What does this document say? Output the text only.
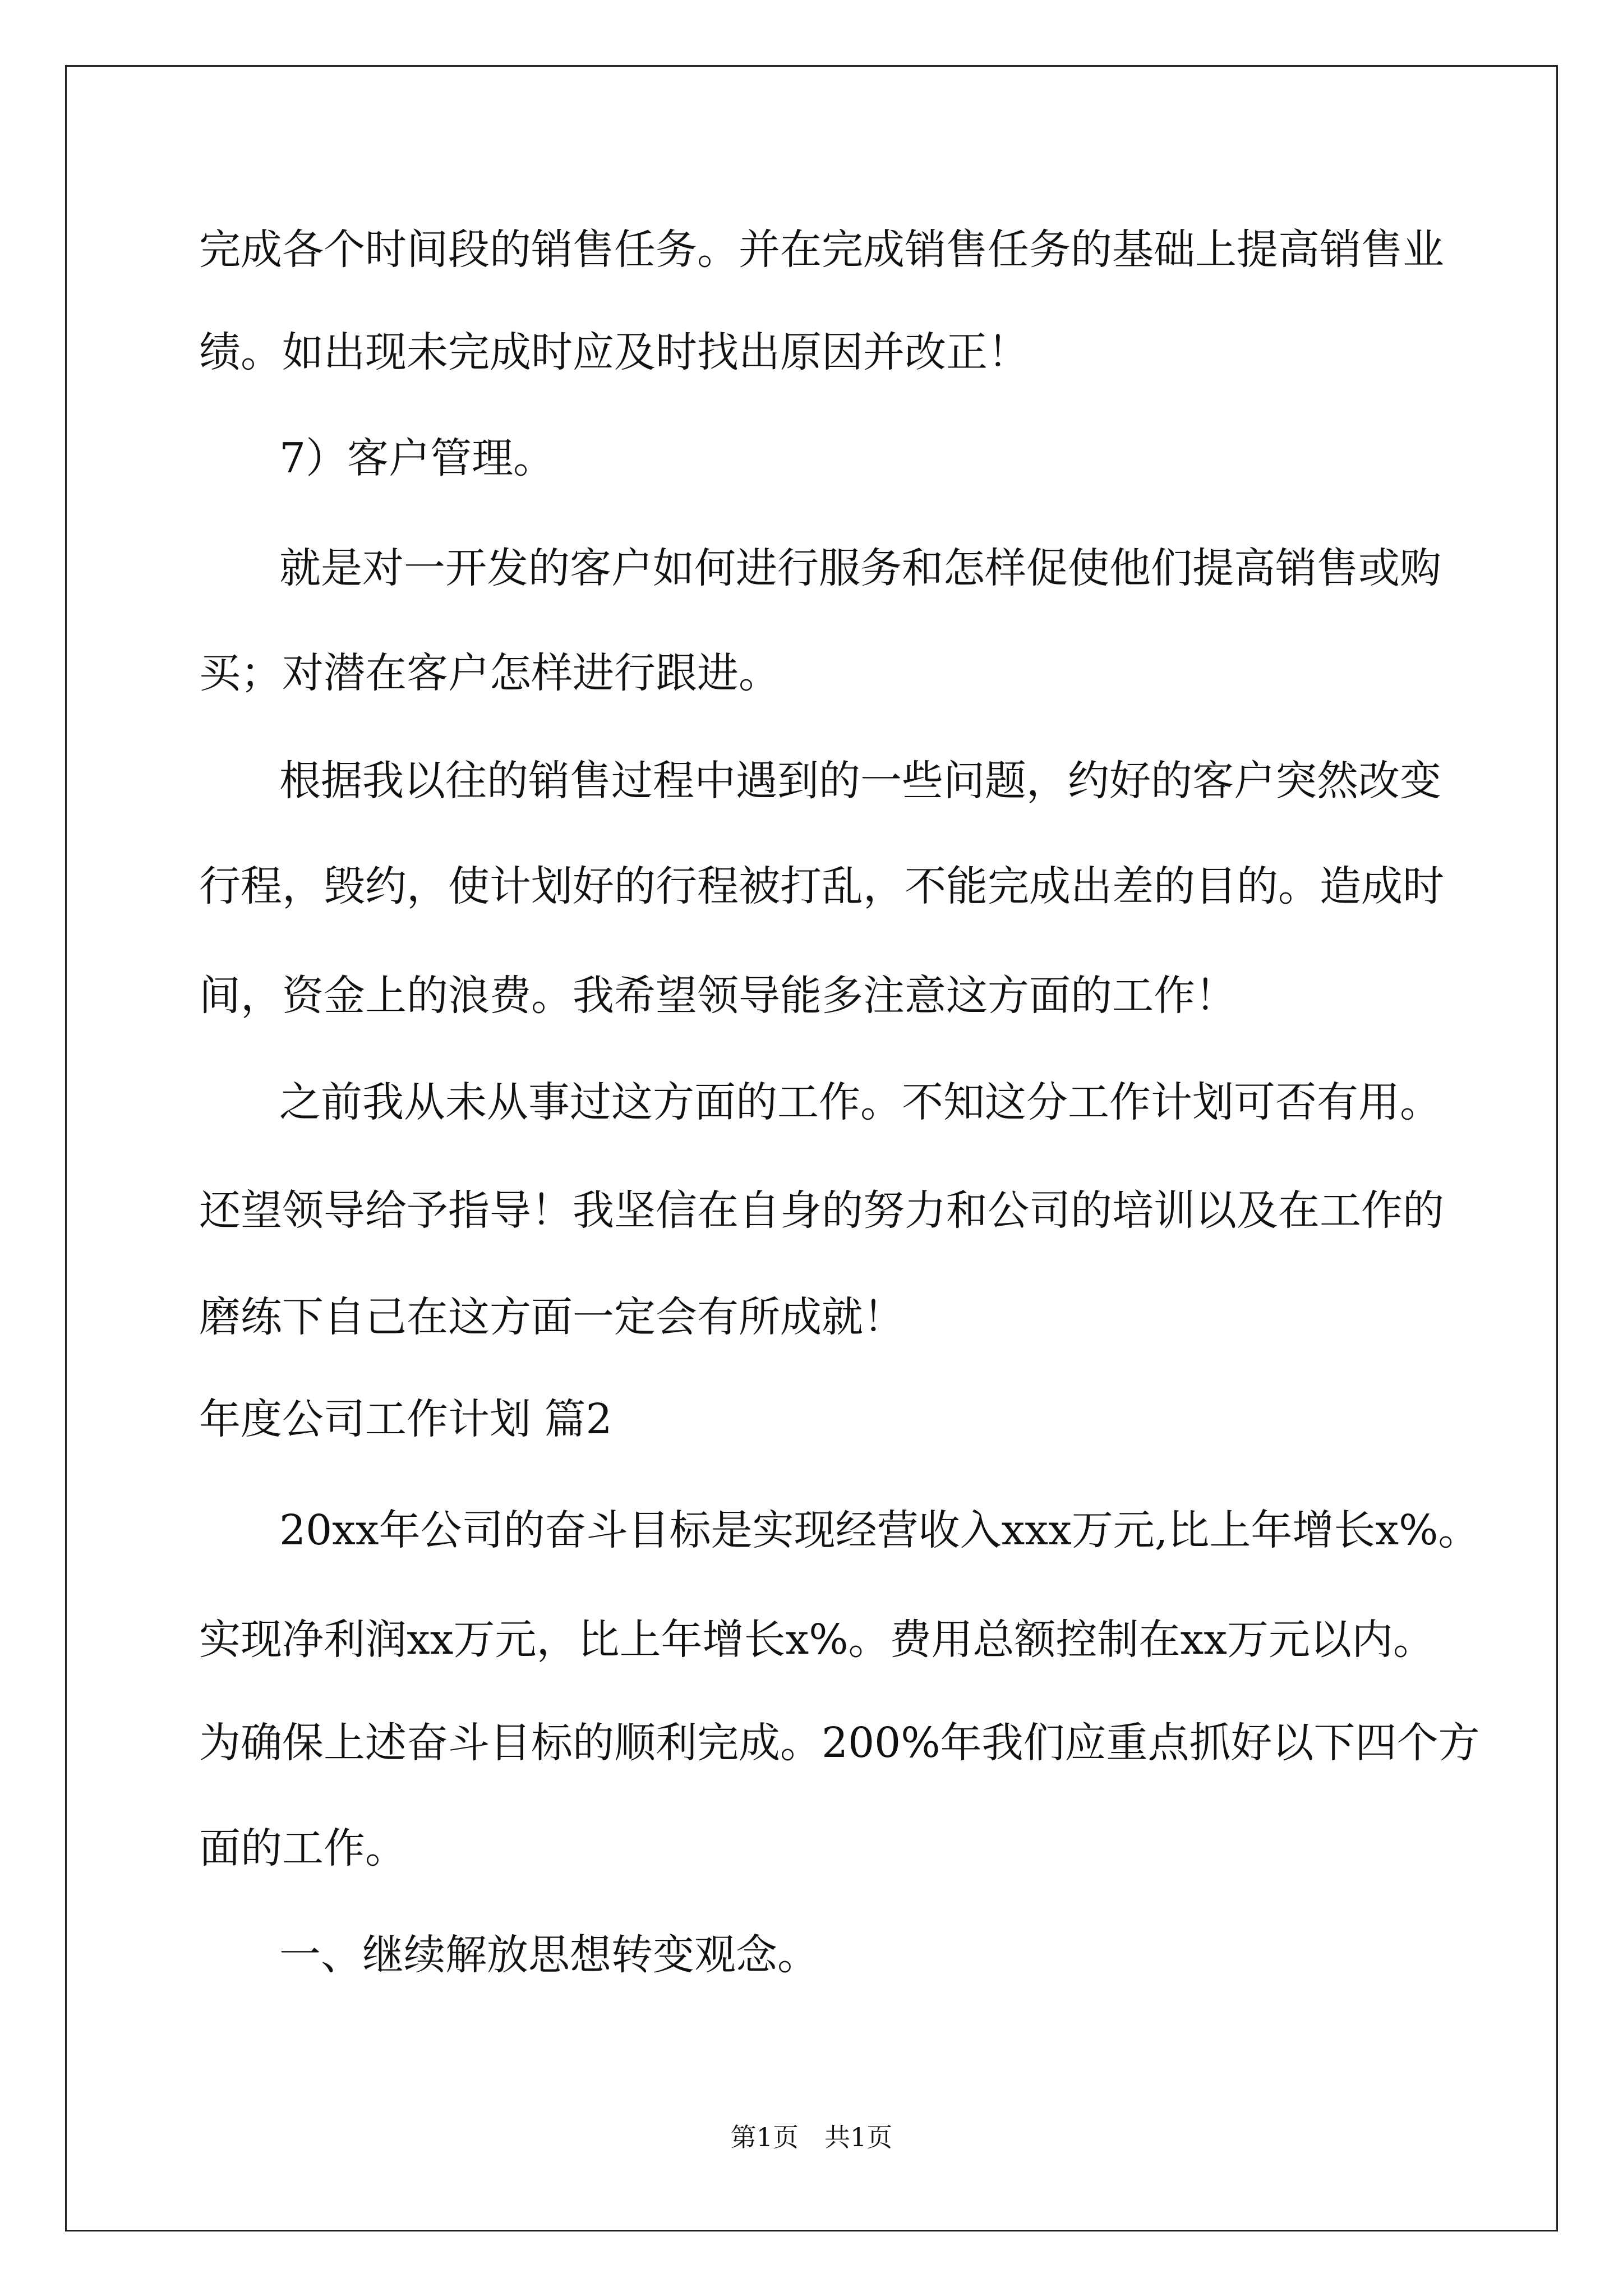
完成各个时间段的销售任务。并在完成销售任务的基础上提高销售业
绩。如出现未完成时应及时找出原因并改正！
7）客户管理。
就是对一开发的客户如何进行服务和怎样促使他们提高销售或购
买；对潜在客户怎样进行跟进。
根据我以往的销售过程中遇到的一些问题，约好的客户突然改变
行程，毁约，使计划好的行程被打乱，不能完成出差的目的。造成时
间，资金上的浪费。我希望领导能多注意这方面的工作！
之前我从未从事过这方面的工作。不知这分工作计划可否有用。
还望领导给予指导！我坚信在自身的努力和公司的培训以及在工作的
磨练下自己在这方面一定会有所成就！
年度公司工作计划 篇2
20xx年公司的奋斗目标是实现经营收入xxx万元,比上年增长x%。
实现净利润xx万元，比上年增长x%。费用总额控制在xx万元以内。
为确保上述奋斗目标的顺利完成。200%年我们应重点抓好以下四个方
面的工作。
一、继续解放思想转变观念。
第1页　共1页
